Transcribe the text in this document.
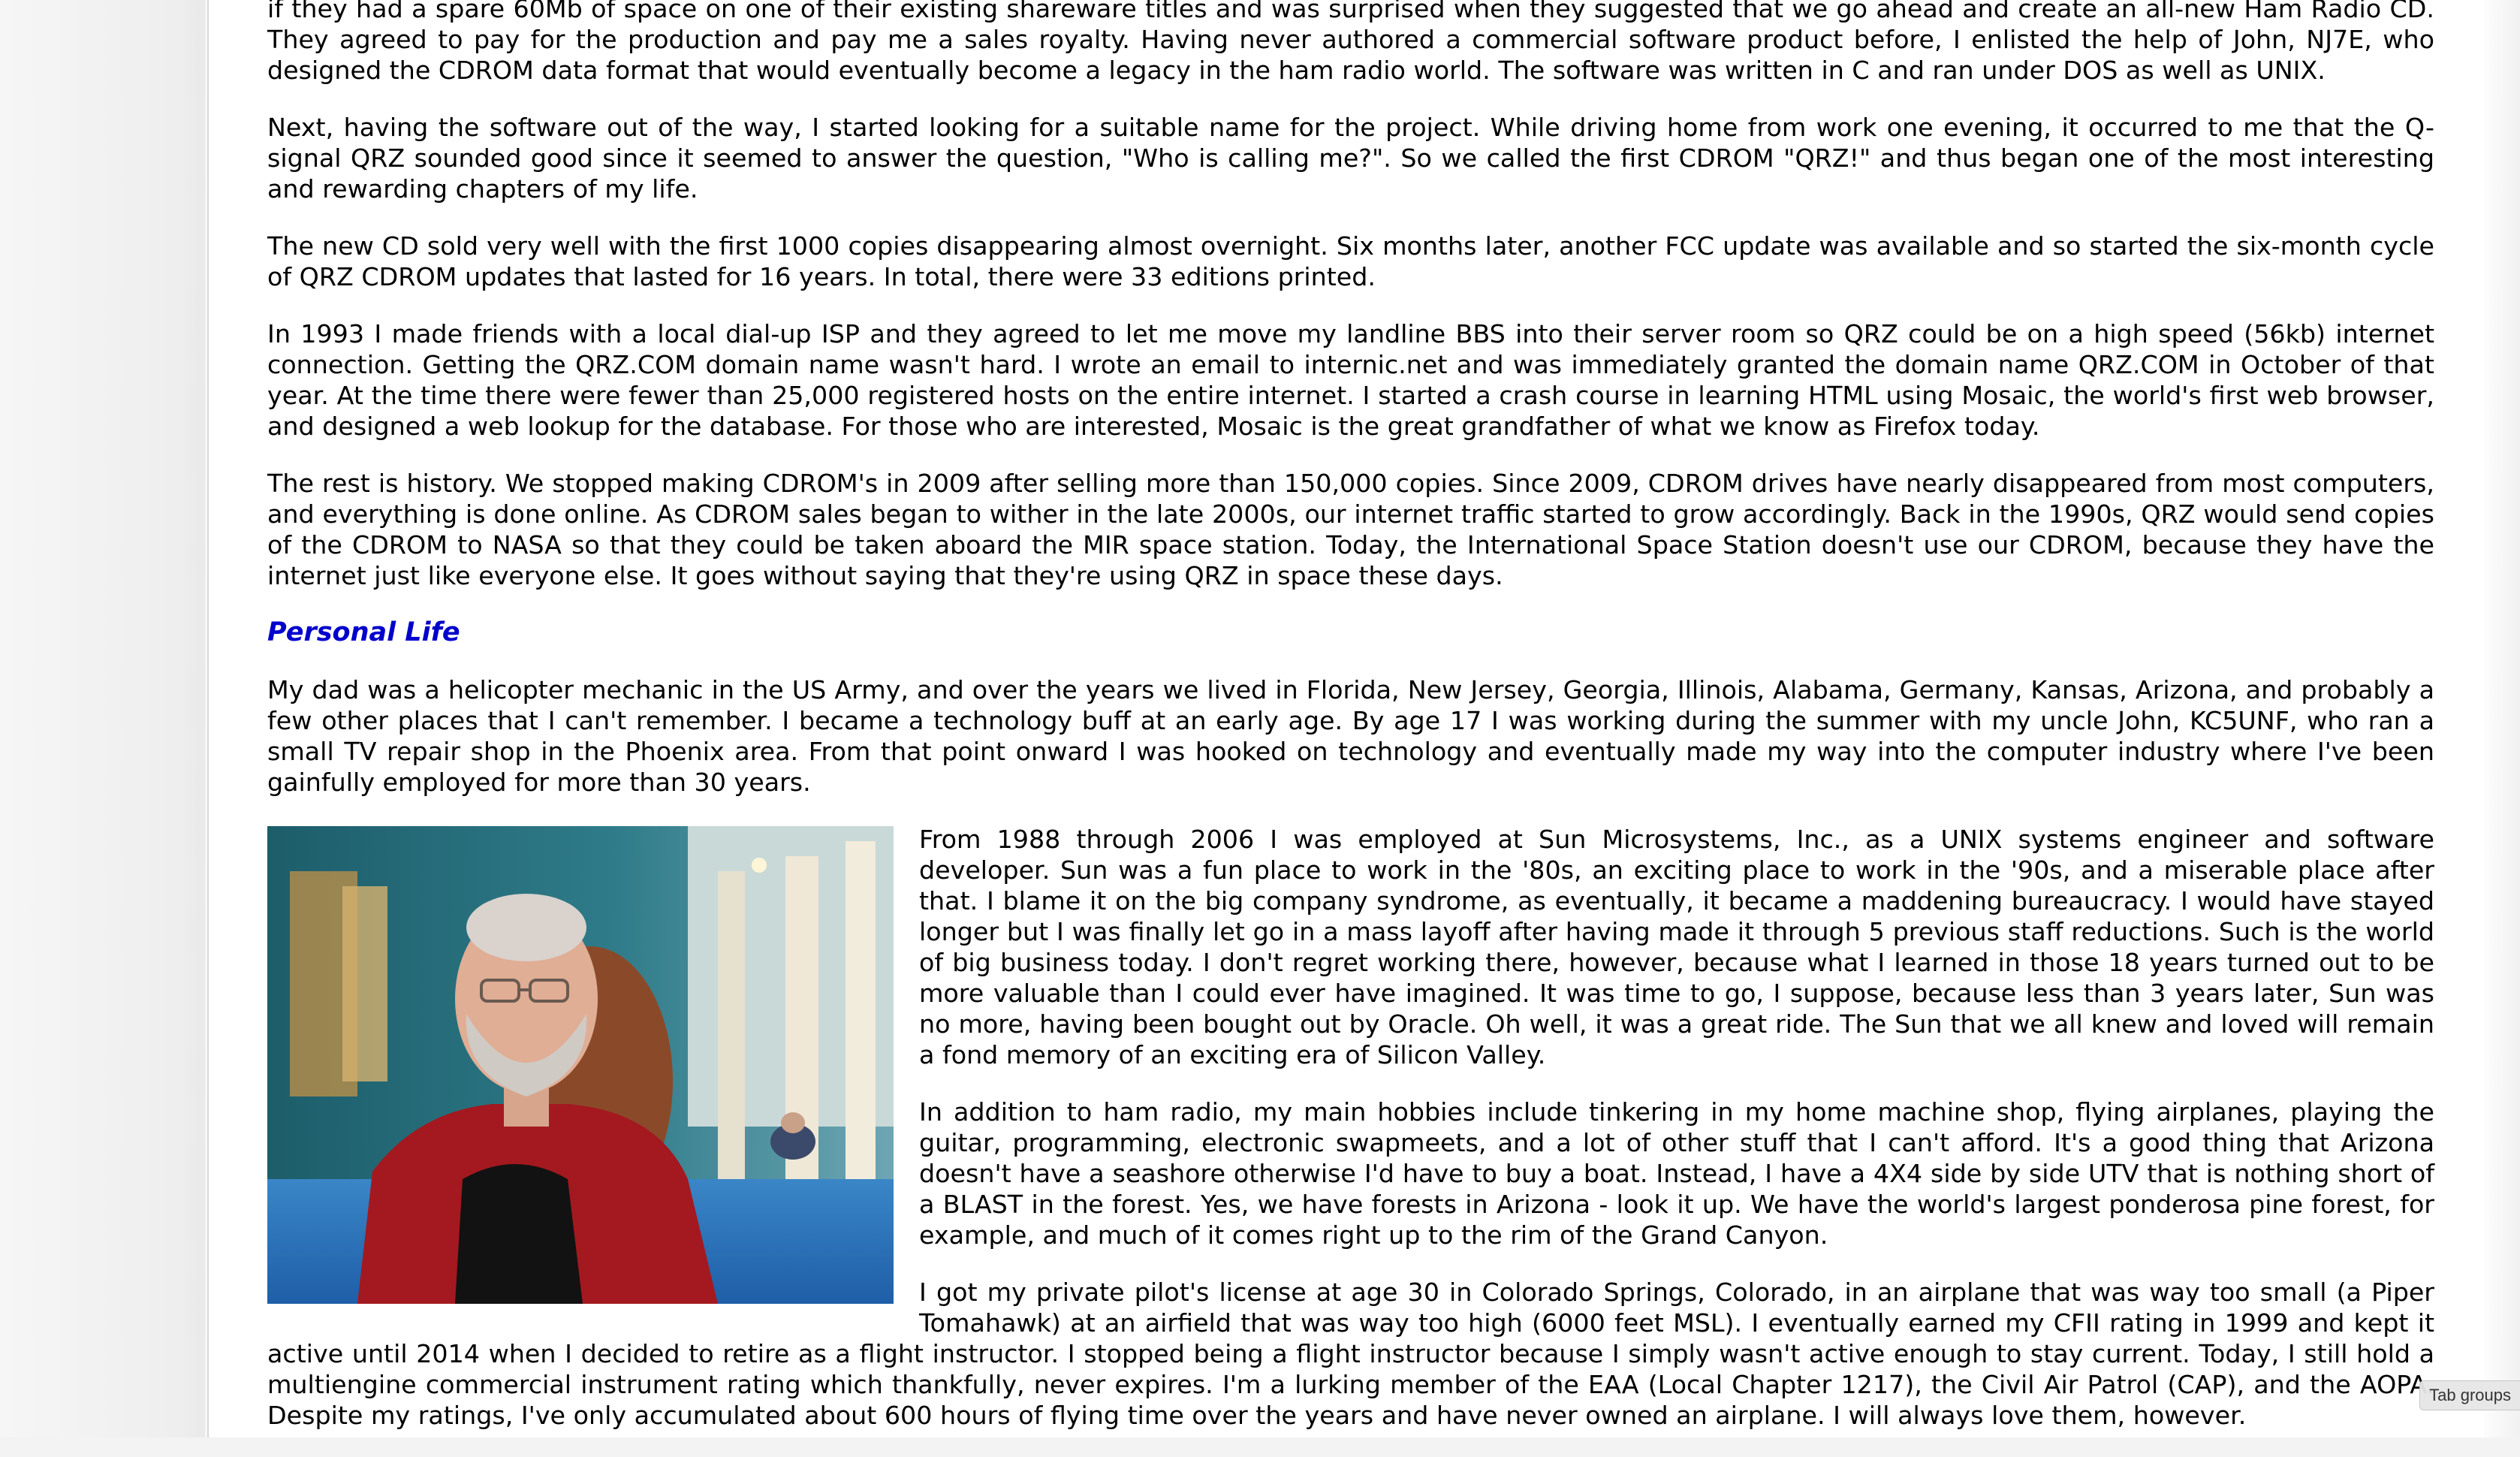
if they had a spare 60Mb of space on one of their existing shareware titles and was surprised when they suggested that we go ahead and create an all-new Ham Radio CD. They agreed to pay for the production and pay me a sales royalty. Having never authored a commercial software product before, I enlisted the help of John, NJ7E, who designed the CDROM data format that would eventually become a legacy in the ham radio world. The software was written in C and ran under DOS as well as UNIX.

Next, having the software out of the way, I started looking for a suitable name for the project. While driving home from work one evening, it occurred to me that the Q-signal QRZ sounded good since it seemed to answer the question, "Who is calling me?". So we called the first CDROM "QRZ!" and thus began one of the most interesting and rewarding chapters of my life.

The new CD sold very well with the first 1000 copies disappearing almost overnight. Six months later, another FCC update was available and so started the six-month cycle of QRZ CDROM updates that lasted for 16 years. In total, there were 33 editions printed.

In 1993 I made friends with a local dial-up ISP and they agreed to let me move my landline BBS into their server room so QRZ could be on a high speed (56kb) internet connection. Getting the QRZ.COM domain name wasn't hard. I wrote an email to internic.net and was immediately granted the domain name QRZ.COM in October of that year. At the time there were fewer than 25,000 registered hosts on the entire internet. I started a crash course in learning HTML using Mosaic, the world's first web browser, and designed a web lookup for the database. For those who are interested, Mosaic is the great grandfather of what we know as Firefox today.

The rest is history. We stopped making CDROM's in 2009 after selling more than 150,000 copies. Since 2009, CDROM drives have nearly disappeared from most computers, and everything is done online. As CDROM sales began to wither in the late 2000s, our internet traffic started to grow accordingly. Back in the 1990s, QRZ would send copies of the CDROM to NASA so that they could be taken aboard the MIR space station. Today, the International Space Station doesn't use our CDROM, because they have the internet just like everyone else. It goes without saying that they're using QRZ in space these days.

Personal Life

My dad was a helicopter mechanic in the US Army, and over the years we lived in Florida, New Jersey, Georgia, Illinois, Alabama, Germany, Kansas, Arizona, and probably a few other places that I can't remember. I became a technology buff at an early age. By age 17 I was working during the summer with my uncle John, KC5UNF, who ran a small TV repair shop in the Phoenix area. From that point onward I was hooked on technology and eventually made my way into the computer industry where I've been gainfully employed for more than 30 years.

From 1988 through 2006 I was employed at Sun Microsystems, Inc., as a UNIX systems engineer and software developer. Sun was a fun place to work in the '80s, an exciting place to work in the '90s, and a miserable place after that. I blame it on the big company syndrome, as eventually, it became a maddening bureaucracy. I would have stayed longer but I was finally let go in a mass layoff after having made it through 5 previous staff reductions. Such is the world of big business today. I don't regret working there, however, because what I learned in those 18 years turned out to be more valuable than I could ever have imagined. It was time to go, I suppose, because less than 3 years later, Sun was no more, having been bought out by Oracle. Oh well, it was a great ride. The Sun that we all knew and loved will remain a fond memory of an exciting era of Silicon Valley.

In addition to ham radio, my main hobbies include tinkering in my home machine shop, flying airplanes, playing the guitar, programming, electronic swapmeets, and a lot of other stuff that I can't afford. It's a good thing that Arizona doesn't have a seashore otherwise I'd have to buy a boat. Instead, I have a 4X4 side by side UTV that is nothing short of a BLAST in the forest. Yes, we have forests in Arizona - look it up. We have the world's largest ponderosa pine forest, for example, and much of it comes right up to the rim of the Grand Canyon.

I got my private pilot's license at age 30 in Colorado Springs, Colorado, in an airplane that was way too small (a Piper Tomahawk) at an airfield that was way too high (6000 feet MSL). I eventually earned my CFII rating in 1999 and kept it active until 2014 when I decided to retire as a flight instructor. I stopped being a flight instructor because I simply wasn't active enough to stay current. Today, I still hold a multiengine commercial instrument rating which thankfully, never expires. I'm a lurking member of the EAA (Local Chapter 1217), the Civil Air Patrol (CAP), and the AOPA. Despite my ratings, I've only accumulated about 600 hours of flying time over the years and have never owned an airplane. I will always love them, however.	Tab groups
